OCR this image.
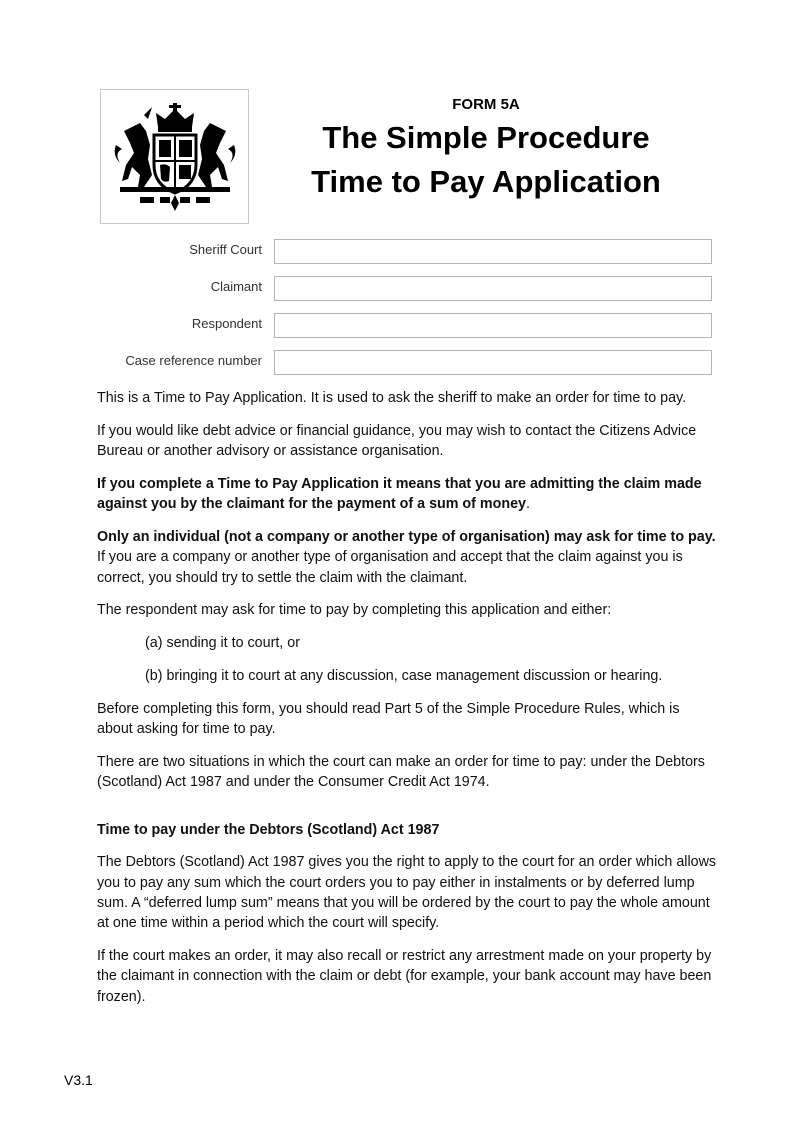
FORM 5A
The Simple Procedure
Time to Pay Application
Sheriff Court
Claimant
Respondent
Case reference number

This is a Time to Pay Application. It is used to ask the sheriff to make an order for time to pay.

If you would like debt advice or financial guidance, you may wish to contact the Citizens Advice Bureau or another advisory or assistance organisation.

If you complete a Time to Pay Application it means that you are admitting the claim made against you by the claimant for the payment of a sum of money.

Only an individual (not a company or another type of organisation) may ask for time to pay. If you are a company or another type of organisation and accept that the claim against you is correct, you should try to settle the claim with the claimant.

The respondent may ask for time to pay by completing this application and either:

(a) sending it to court, or

(b) bringing it to court at any discussion, case management discussion or hearing.

Before completing this form, you should read Part 5 of the Simple Procedure Rules, which is about asking for time to pay.

There are two situations in which the court can make an order for time to pay: under the Debtors (Scotland) Act 1987 and under the Consumer Credit Act 1974.

Time to pay under the Debtors (Scotland) Act 1987

The Debtors (Scotland) Act 1987 gives you the right to apply to the court for an order which allows you to pay any sum which the court orders you to pay either in instalments or by deferred lump sum. A “deferred lump sum” means that you will be ordered by the court to pay the whole amount at one time within a period which the court will specify.

If the court makes an order, it may also recall or restrict any arrestment made on your property by the claimant in connection with the claim or debt (for example, your bank account may have been frozen).

V3.1
